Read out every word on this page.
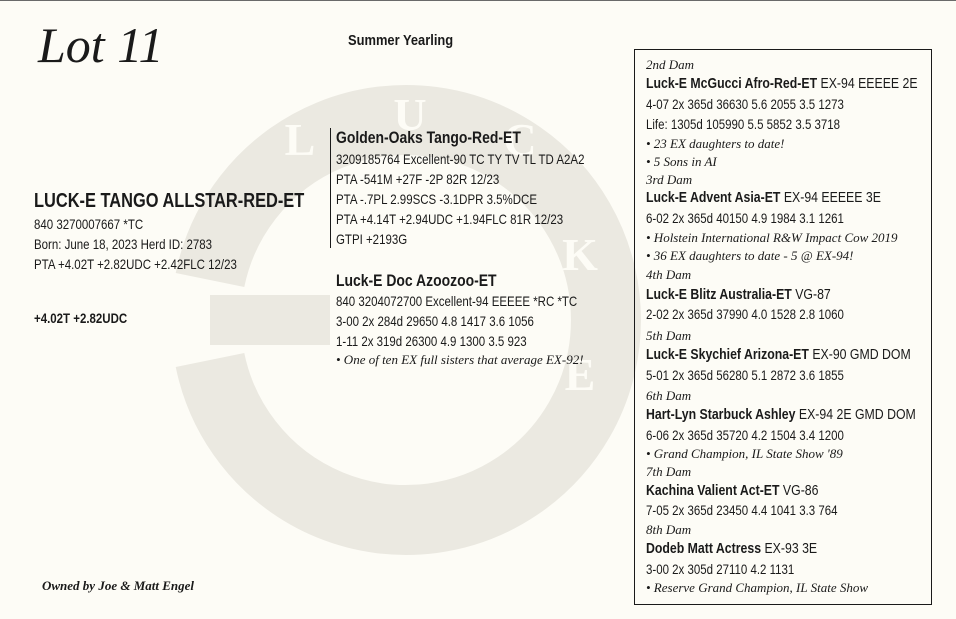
L U C
K
E
Lot 11	Summer Yearling
LUCK-E TANGO ALLSTAR-RED-ET
840 3270007667 *TC
Born: June 18, 2023 Herd ID: 2783
PTA +4.02T +2.82UDC +2.42FLC 12/23
+4.02T +2.82UDC
Golden-Oaks Tango-Red-ET
3209185764 Excellent-90 TC TY TV TL TD A2A2
PTA -541M +27F -2P 82R 12/23
PTA -.7PL 2.99SCS -3.1DPR 3.5%DCE
PTA +4.14T +2.94UDC +1.94FLC 81R 12/23
GTPI +2193G
Luck-E Doc Azoozoo-ET
840 3204072700 Excellent-94 EEEEE *RC *TC
3-00 2x 284d 29650 4.8 1417 3.6 1056
1-11 2x 319d 26300 4.9 1300 3.5 923
• One of ten EX full sisters that average EX-92!
2nd Dam
Luck-E McGucci Afro-Red-ET EX-94 EEEEE 2E
4-07 2x 365d 36630 5.6 2055 3.5 1273
Life: 1305d 105990 5.5 5852 3.5 3718
• 23 EX daughters to date!
• 5 Sons in AI
3rd Dam
Luck-E Advent Asia-ET EX-94 EEEEE 3E
6-02 2x 365d 40150 4.9 1984 3.1 1261
• Holstein International R&W Impact Cow 2019
• 36 EX daughters to date - 5 @ EX-94!
4th Dam
Luck-E Blitz Australia-ET VG-87
2-02 2x 365d 37990 4.0 1528 2.8 1060
5th Dam
Luck-E Skychief Arizona-ET EX-90 GMD DOM
5-01 2x 365d 56280 5.1 2872 3.6 1855
6th Dam
Hart-Lyn Starbuck Ashley EX-94 2E GMD DOM
6-06 2x 365d 35720 4.2 1504 3.4 1200
• Grand Champion, IL State Show '89
7th Dam
Kachina Valient Act-ET VG-86
7-05 2x 365d 23450 4.4 1041 3.3 764
8th Dam
Dodeb Matt Actress EX-93 3E
3-00 2x 305d 27110 4.2 1131
• Reserve Grand Champion, IL State Show
Owned by Joe & Matt Engel
